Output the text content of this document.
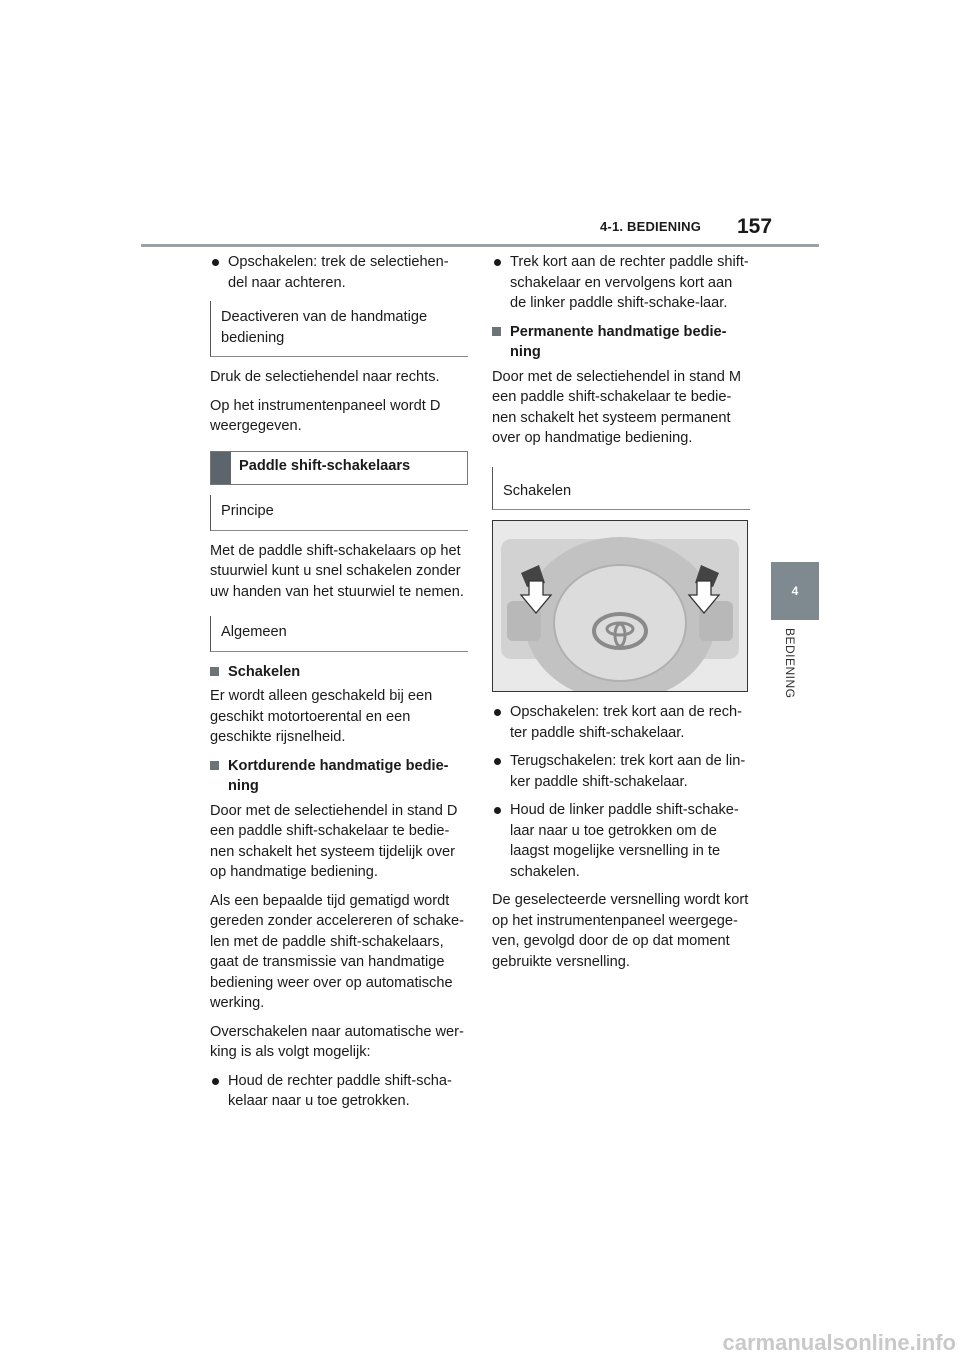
4-1. BEDIENING 157
4
BEDIENING
Opschakelen: trek de selectiehen-del naar achteren.
Deactiveren van de handmatige bediening

Druk de selectiehendel naar rechts.

Op het instrumentenpaneel wordt D weergegeven.

Paddle shift-schakelaars
Principe

Met de paddle shift-schakelaars op het stuurwiel kunt u snel schakelen zonder uw handen van het stuurwiel te nemen.

Algemeen
Schakelen

Er wordt alleen geschakeld bij een geschikt motortoerental en een geschikte rijsnelheid.

Kortdurende handmatige bedie-ning

Door met de selectiehendel in stand D een paddle shift-schakelaar te bedie-nen schakelt het systeem tijdelijk over op handmatige bediening.

Als een bepaalde tijd gematigd wordt gereden zonder accelereren of schake-len met de paddle shift-schakelaars, gaat de transmissie van handmatige bediening weer over op automatische werking.

Overschakelen naar automatische wer-king is als volgt mogelijk:

Houd de rechter paddle shift-scha-kelaar naar u toe getrokken.
Trek kort aan de rechter paddle shift-schakelaar en vervolgens kort aan de linker paddle shift-schake-laar.
Permanente handmatige bedie-ning

Door met de selectiehendel in stand M een paddle shift-schakelaar te bedie-nen schakelt het systeem permanent over op handmatige bediening.

Schakelen
Opschakelen: trek kort aan de rech-ter paddle shift-schakelaar.
Terugschakelen: trek kort aan de lin-ker paddle shift-schakelaar.
Houd de linker paddle shift-schake-laar naar u toe getrokken om de laagst mogelijke versnelling in te schakelen.

De geselecteerde versnelling wordt kort op het instrumentenpaneel weergege-ven, gevolgd door de op dat moment gebruikte versnelling.

carmanualsonline.info
